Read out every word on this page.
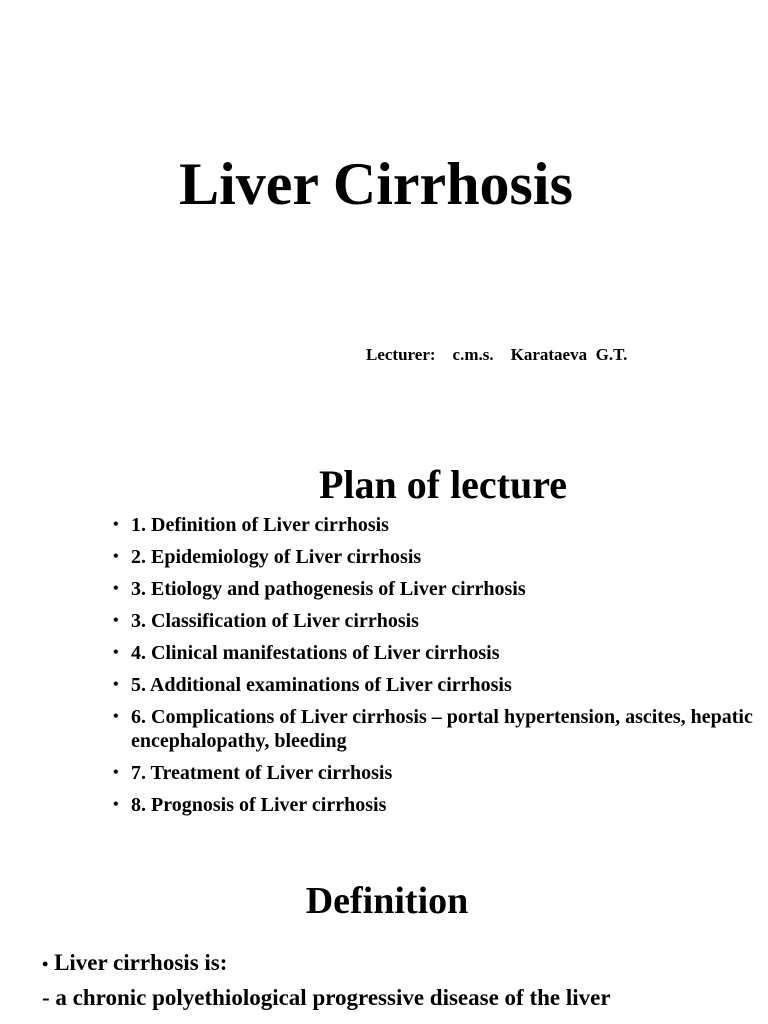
Liver Cirrhosis
Lecturer: c.m.s. Karataeva  G.T.
Plan of lecture
• 1. Definition of Liver cirrhosis
• 2. Epidemiology of Liver cirrhosis
• 3. Etiology and pathogenesis of Liver cirrhosis
• 3. Classification of Liver cirrhosis
• 4. Clinical manifestations of Liver cirrhosis
• 5. Additional examinations of Liver cirrhosis
• 6. Complications of Liver cirrhosis – portal hypertension, ascites, hepatic encephalopathy, bleeding
• 7. Treatment of Liver cirrhosis
• 8. Prognosis of Liver cirrhosis
Definition
• Liver cirrhosis is:
- a chronic polyethiological progressive disease of the liver
